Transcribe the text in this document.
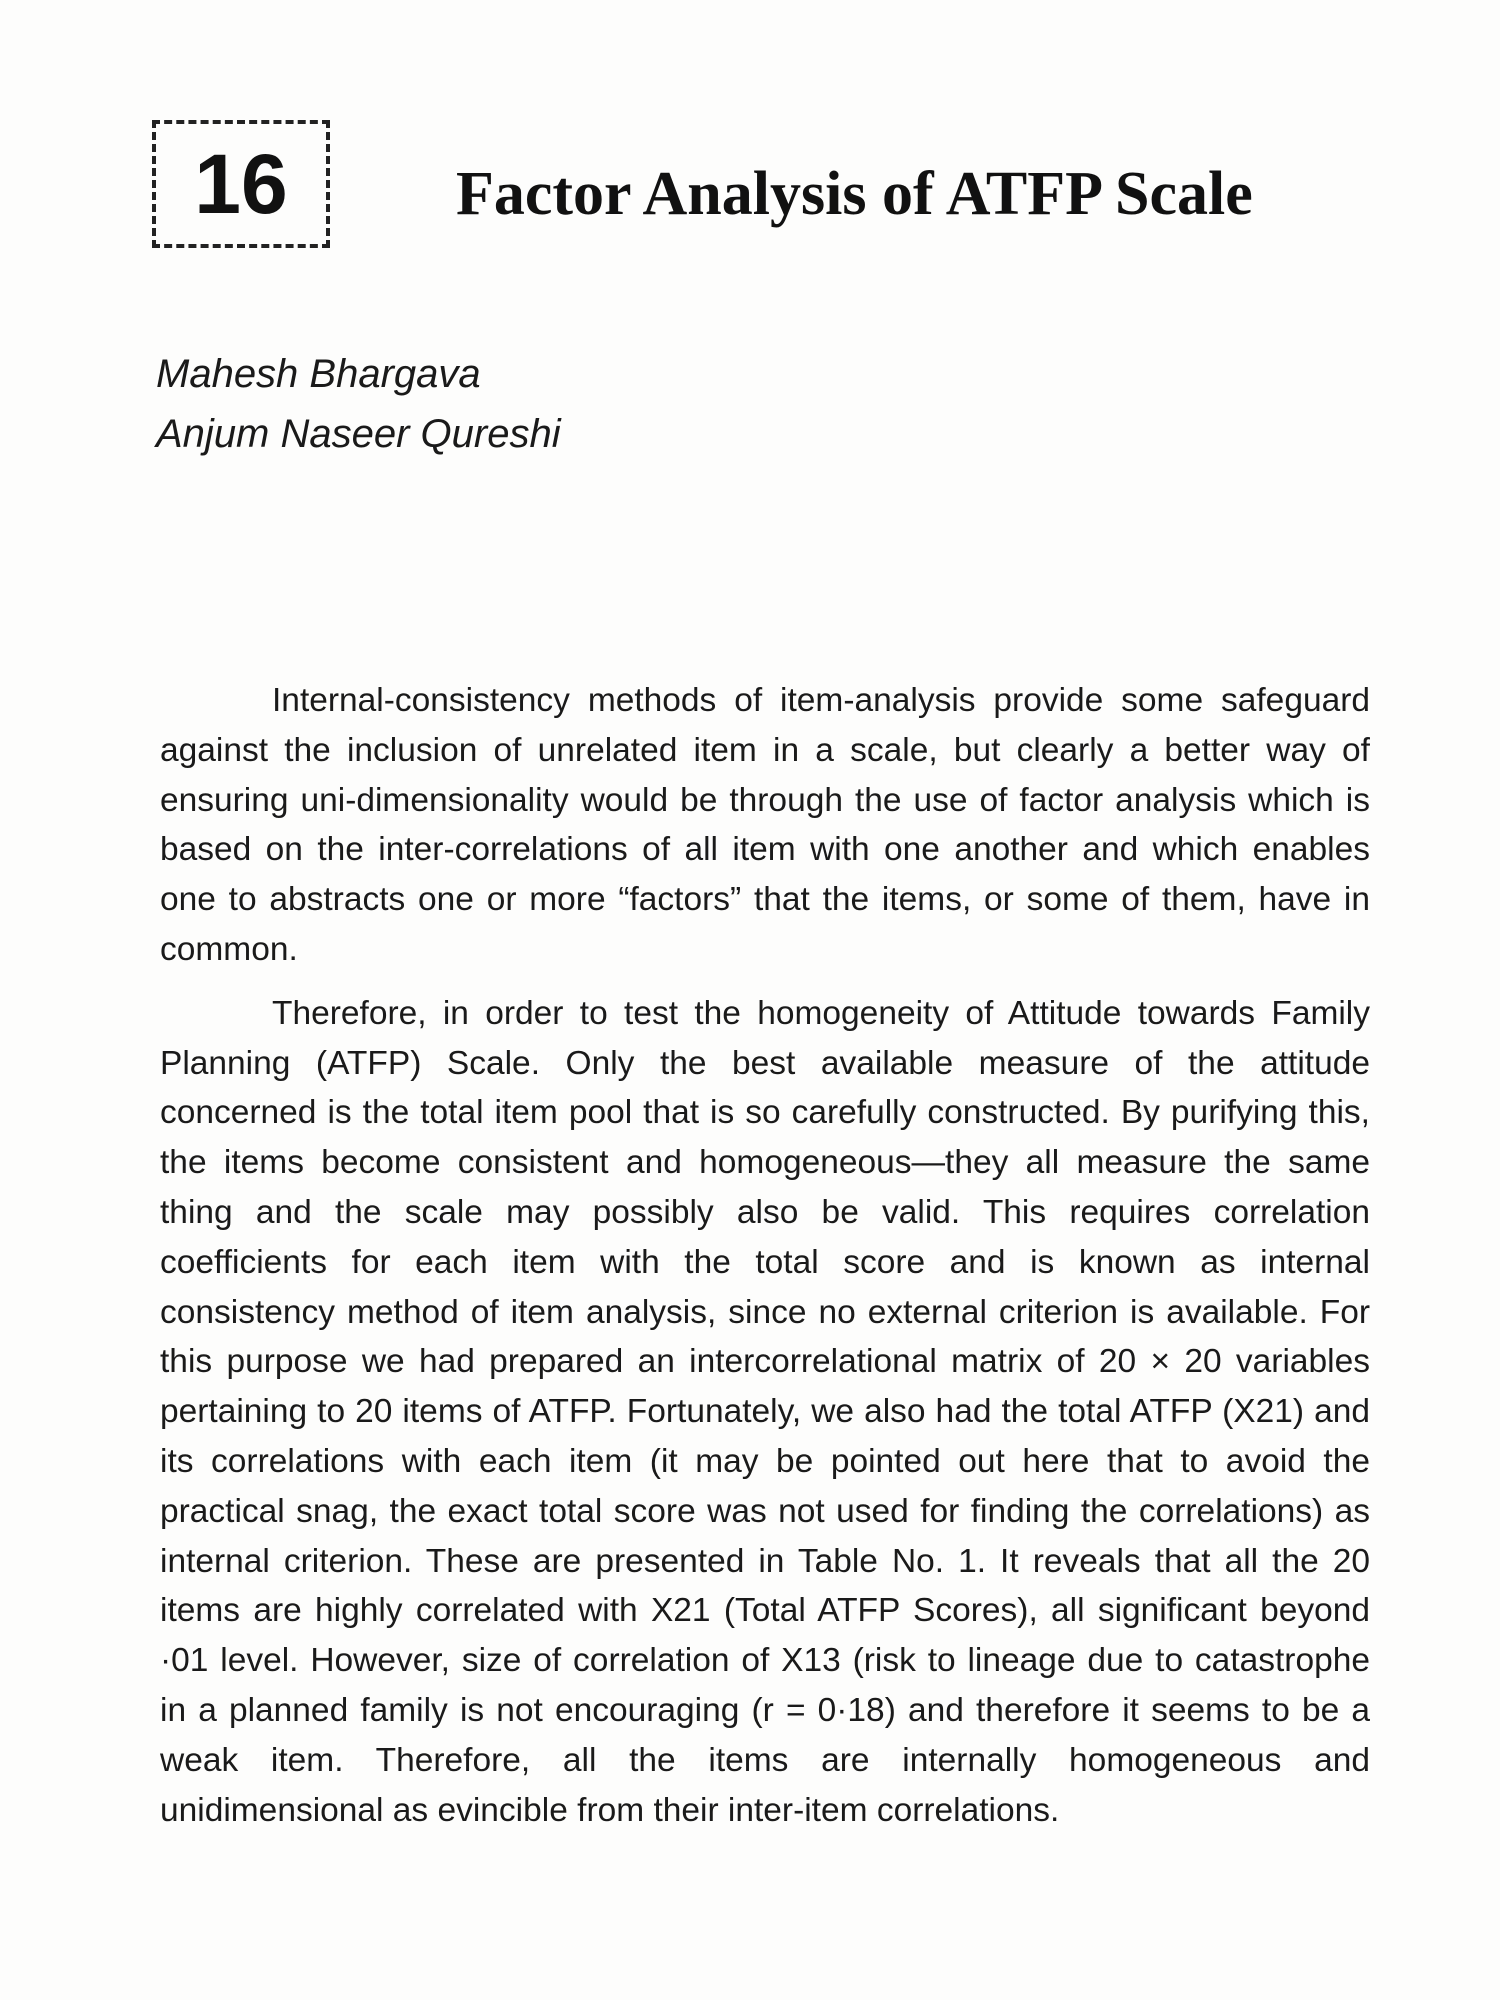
16	Factor Analysis of ATFP Scale
Mahesh Bhargava
Anjum Naseer Qureshi

Internal-consistency methods of item-analysis provide some safeguard against the inclusion of unrelated item in a scale, but clearly a better way of ensuring uni-dimensionality would be through the use of factor analysis which is based on the inter-correlations of all item with one another and which enables one to abstracts one or more “factors” that the items, or some of them, have in common.

Therefore, in order to test the homogeneity of Attitude towards Family Planning (ATFP) Scale. Only the best available measure of the attitude concerned is the total item pool that is so carefully constructed. By purifying this, the items become consistent and homogeneous—they all measure the same thing and the scale may possibly also be valid. This requires correlation coefficients for each item with the total score and is known as internal consistency method of item analysis, since no external criterion is available. For this purpose we had prepared an intercorrelational matrix of 20 × 20 variables pertaining to 20 items of ATFP. Fortunately, we also had the total ATFP (X21) and its correlations with each item (it may be pointed out here that to avoid the practical snag, the exact total score was not used for finding the correlations) as internal criterion. These are presented in Table No. 1. It reveals that all the 20 items are highly correlated with X21 (Total ATFP Scores), all significant beyond ·01 level. However, size of correlation of X13 (risk to lineage due to catastrophe in a planned family is not encouraging (r = 0·18) and therefore it seems to be a weak item. Therefore, all the items are internally homogeneous and unidimensional as evincible from their inter-item correlations.
